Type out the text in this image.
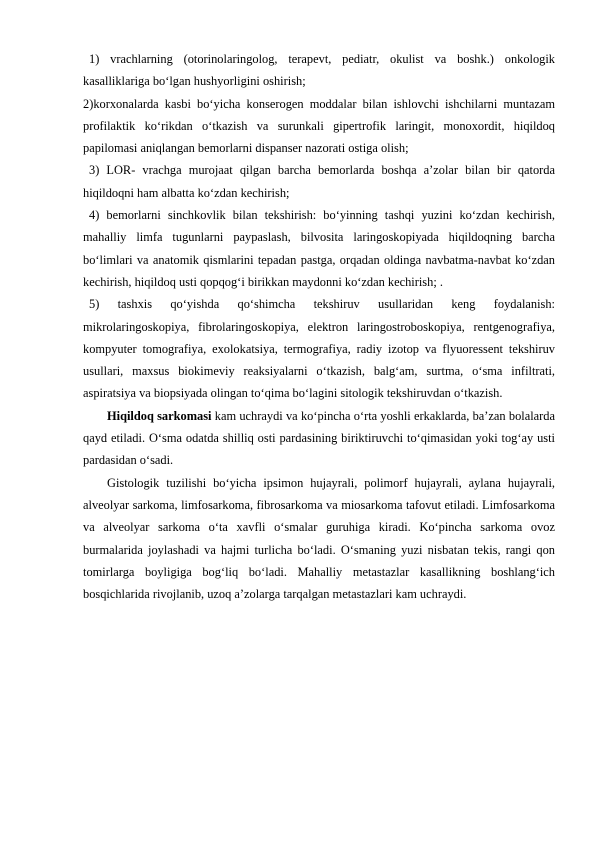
1) vrachlarning (otorinolaringolog, terapevt, pediatr, okulist va boshk.) onkologik kasalliklariga bo‘lgan hushyorligini oshirish;

2)korxonalarda kasbi bo‘yicha konserogen moddalar bilan ishlovchi ishchilarni muntazam profilaktik ko‘rikdan o‘tkazish va surunkali gipertrofik laringit, monoxordit, hiqildoq papilomasi aniqlangan bemorlarni dispanser nazorati ostiga olish;

3) LOR- vrachga murojaat qilgan barcha bemorlarda boshqa a’zolar bilan bir qatorda hiqildoqni ham albatta ko‘zdan kechirish;

4) bemorlarni sinchkovlik bilan tekshirish: bo‘yinning tashqi yuzini ko‘zdan kechirish, mahalliy limfa tugunlarni paypaslash, bilvosita laringoskopiyada hiqildoqning barcha bo‘limlari va anatomik qismlarini tepadan pastga, orqadan oldinga navbatma-navbat ko‘zdan kechirish, hiqildoq usti qopqog‘i birikkan maydonni ko‘zdan kechirish; .

5) tashxis qo‘yishda qo‘shimcha tekshiruv usullaridan keng foydalanish: mikrolaringoskopiya, fibrolaringoskopiya, elektron laringostroboskopiya, rentgenografiya, kompyuter tomografiya, exolokatsiya, termografiya, radiy izotop va flyuoressent tekshiruv usullari, maxsus biokimeviy reaksiyalarni o‘tkazish, balg‘am, surtma, o‘sma infiltrati, aspiratsiya va biopsiyada olingan to‘qima bo‘lagini sitologik tekshiruvdan o‘tkazish.

Hiqildoq sarkomasi kam uchraydi va ko‘pincha o‘rta yoshli erkaklarda, ba’zan bolalarda qayd etiladi. O‘sma odatda shilliq osti pardasining biriktiruvchi to‘qimasidan yoki tog‘ay usti pardasidan o‘sadi.

Gistologik tuzilishi bo‘yicha ipsimon hujayrali, polimorf hujayrali, aylana hujayrali, alveolyar sarkoma, limfosarkoma, fibrosarkoma va miosarkoma tafovut etiladi. Limfosarkoma va alveolyar sarkoma o‘ta xavfli o‘smalar guruhiga kiradi. Ko‘pincha sarkoma ovoz burmalarida joylashadi va hajmi turlicha bo‘ladi. O‘smaning yuzi nisbatan tekis, rangi qon tomirlarga boyligiga bog‘liq bo‘ladi. Mahalliy metastazlar kasallikning boshlang‘ich bosqichlarida rivojlanib, uzoq a’zolarga tarqalgan metastazlari kam uchraydi.
